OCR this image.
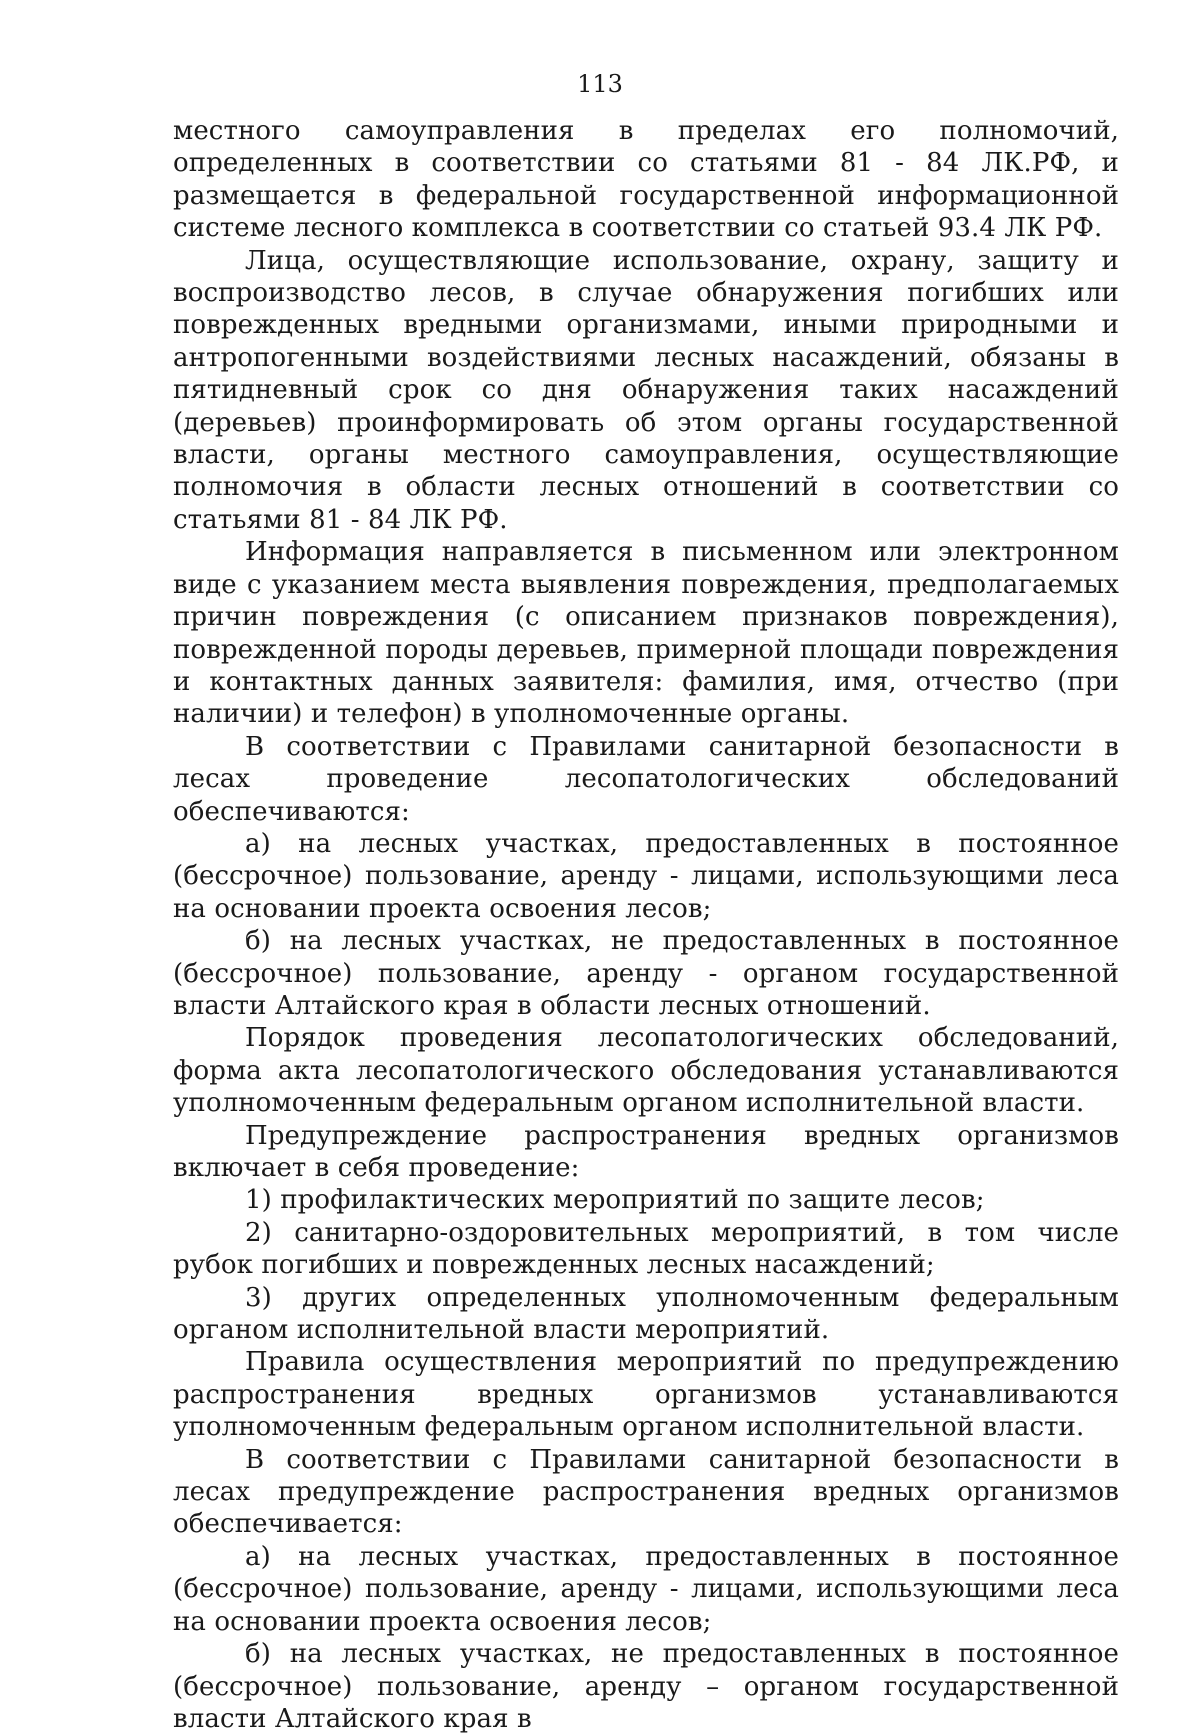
113

местного самоуправления в пределах его полномочий, определенных в соответствии со статьями 81 - 84 ЛК.РФ, и размещается в федеральной государственной информационной системе лесного комплекса в соответствии со статьей 93.4 ЛК РФ.

Лица, осуществляющие использование, охрану, защиту и воспроизводство лесов, в случае обнаружения погибших или поврежденных вредными организмами, иными природными и антропогенными воздействиями лесных насаждений, обязаны в пятидневный срок со дня обнаружения таких насаждений (деревьев) проинформировать об этом органы государственной власти, органы местного самоуправления, осуществляющие полномочия в области лесных отношений в соответствии со статьями 81 - 84 ЛК РФ.

Информация направляется в письменном или электронном виде с указанием места выявления повреждения, предполагаемых причин повреждения (с описанием признаков повреждения), поврежденной породы деревьев, примерной площади повреждения и контактных данных заявителя: фамилия, имя, отчество (при наличии) и телефон) в уполномоченные органы.

В соответствии с Правилами санитарной безопасности в лесах проведение лесопатологических обследований обеспечиваются:

а) на лесных участках, предоставленных в постоянное (бессрочное) пользование, аренду - лицами, использующими леса на основании проекта освоения лесов;

б) на лесных участках, не предоставленных в постоянное (бессрочное) пользование, аренду - органом государственной власти Алтайского края в области лесных отношений.

Порядок проведения лесопатологических обследований, форма акта лесопатологического обследования устанавливаются уполномоченным федеральным органом исполнительной власти.

Предупреждение распространения вредных организмов включает в себя проведение:

1) профилактических мероприятий по защите лесов;

2) санитарно-оздоровительных мероприятий, в том числе рубок погибших и поврежденных лесных насаждений;

3) других определенных уполномоченным федеральным органом исполнительной власти мероприятий.

Правила осуществления мероприятий по предупреждению распространения вредных организмов устанавливаются уполномоченным федеральным органом исполнительной власти.

В соответствии с Правилами санитарной безопасности в лесах предупреждение распространения вредных организмов обеспечивается:

а) на лесных участках, предоставленных в постоянное (бессрочное) пользование, аренду - лицами, использующими леса на основании проекта освоения лесов;

б) на лесных участках, не предоставленных в постоянное (бессрочное) пользование, аренду – органом государственной власти Алтайского края в
